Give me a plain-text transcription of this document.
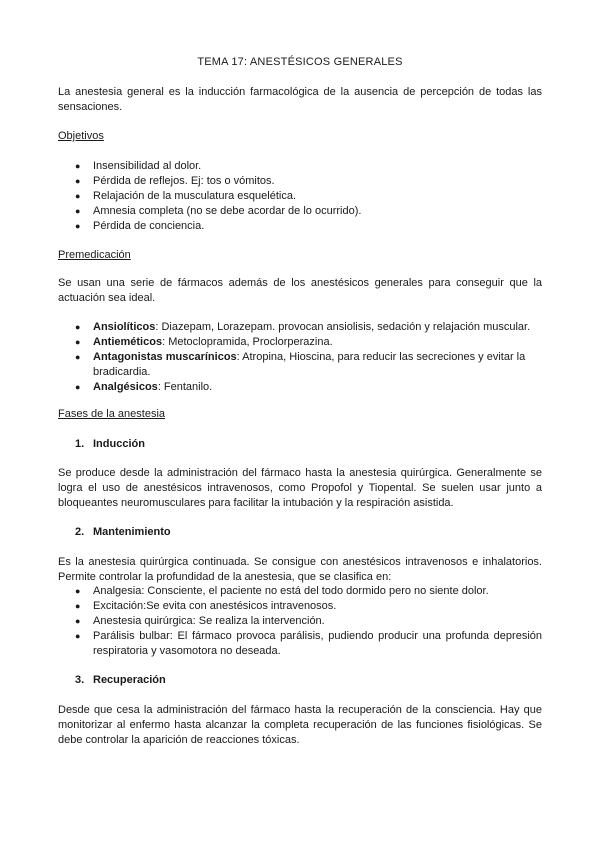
TEMA 17: ANESTÉSICOS GENERALES

La anestesia general es la inducción farmacológica de la ausencia de percepción de todas las sensaciones.

Objetivos

● Insensibilidad al dolor.
● Pérdida de reflejos. Ej: tos o vómitos.
● Relajación de la musculatura esquelética.
● Amnesia completa (no se debe acordar de lo ocurrido).
● Pérdida de conciencia.

Premedicación

Se usan una serie de fármacos además de los anestésicos generales para conseguir que la actuación sea ideal.

● Ansiolíticos: Diazepam, Lorazepam. provocan ansiolisis, sedación y relajación muscular.
● Antieméticos: Metoclopramida, Proclorperazina.
● Antagonistas muscarínicos: Atropina, Hioscina, para reducir las secreciones y evitar la bradicardia.
● Analgésicos: Fentanilo.

Fases de la anestesia

1. Inducción

Se produce desde la administración del fármaco hasta la anestesia quirúrgica. Generalmente se logra el uso de anestésicos intravenosos, como Propofol y Tiopental. Se suelen usar junto a bloqueantes neuromusculares para facilitar la intubación y la respiración asistida.

2. Mantenimiento

Es la anestesia quirúrgica continuada. Se consigue con anestésicos intravenosos e inhalatorios. Permite controlar la profundidad de la anestesia, que se clasifica en:

● Analgesia: Consciente, el paciente no está del todo dormido pero no siente dolor.
● Excitación:Se evita con anestésicos intravenosos.
● Anestesia quirúrgica: Se realiza la intervención.
● Parálisis bulbar: El fármaco provoca parálisis, pudiendo producir una profunda depresión respiratoria y vasomotora no deseada.

3. Recuperación

Desde que cesa la administración del fármaco hasta la recuperación de la consciencia. Hay que monitorizar al enfermo hasta alcanzar la completa recuperación de las funciones fisiológicas. Se debe controlar la aparición de reacciones tóxicas.
